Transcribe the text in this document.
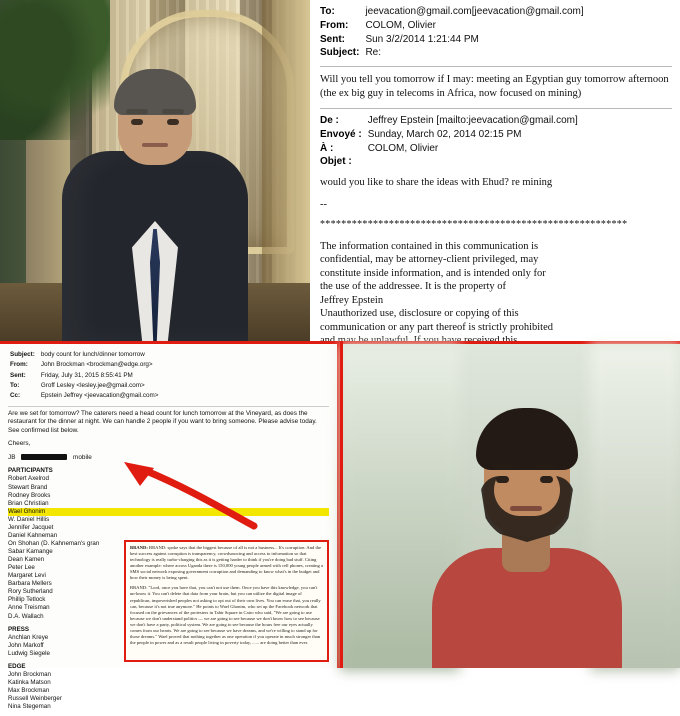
To:	jeevacation@gmail.com[jeevacation@gmail.com]
From:	COLOM, Olivier
Sent:	Sun 3/2/2014 1:21:44 PM
Subject:	Re:

Will you tell you tomorrow if I may: meeting an Egyptian guy tomorrow afternoon (the ex big guy in telecoms in Africa, now focused on mining)

De :	Jeffrey Epstein [mailto:jeevacation@gmail.com]
Envoyé :	Sunday, March 02, 2014 02:15 PM
À :	COLOM, Olivier
Objet :	

would you like to share the ideas with Ehud? re mining

--

**********************************************************

The information contained in this communication is
confidential, may be attorney-client privileged, may
constitute inside information, and is intended only for
the use of the addressee. It is the property of
Jeffrey Epstein
Unauthorized use, disclosure or copying of this
communication or any part thereof is strictly prohibited
Subject:	body count for lunch/dinner tomorrow
From:	John Brockman <brockman@edge.org>
Sent:	Friday, July 31, 2015 8:55:41 PM
To:	Groff Lesley <lesley.jee@gmail.com>
Cc:	Epstein Jeffrey <jeevacation@gmail.com>

Are we set for tomorrow? The caterers need a head count for lunch tomorrow at the Vineyard, as does the restaurant for the dinner at night. We can handle 2 people if you want to bring someone. Please advise today. See confirmed list below.

Cheers,

JB	mobile

PARTICIPANTS
Robert Axelrod
Stewart Brand
Rodney Brooks
Brian Christian
Wael Ghonim
W. Daniel Hillis
Jennifer Jacquet
Daniel Kahneman
On Shohan (D. Kahneman's gran
Sabar Kamange
Dean Kamen
Peter Lee
Margaret Levi
Barbara Mellers
Rory Sutherland
Phillip Tetlock
Anne Treisman
D.A. Wallach
PRESS
Anchlan Kreye
John Markoff
Ludwig Siegele
EDGE
John Brockman
Katinka Matson
Max Brockman
Russell Weinberger
Nina Stegeman
BRAND: BRAND: spoke says that the biggest because of all is not a business... It's corruption. And the best success against corruption is transparency, crowdsourcing and access to information so that technology is really turbo-charging this as it is getting harder to think if you're doing bad stuff. Citing another example: where across Uganda there is 150,000 young people armed with cell phones, creating a SMS social network exposing government corruption and demanding to know what's in the budget and how their money is being spent.
BRAND: "Lord, once you have that, you can't not use them. Once you have this knowledge, you can't un-know it. You can't delete that data from your brain, but you can utilize the digital image of republican, impoverished peoples not asking to opt out of their own lives. You can erase that, you really can, because it's not true anymore." He points to Wael Ghonim, who set up the Facebook network that focused on the grievances of the protesters in Tahir Square in Cairo who said, "We are going to use because we don't understand politics — we are going to see because we don't know how to see because we don't have a party, political system. We are going to see because the hours free our eyes actually comes from our hearts. We are going to see because we have dreams, and we're willing to stand up for those dreams." Wael proved that nothing together as one operation if you operate in much stronger than the people in power and as a result people living in poverty today, ...... are doing better than ever.
